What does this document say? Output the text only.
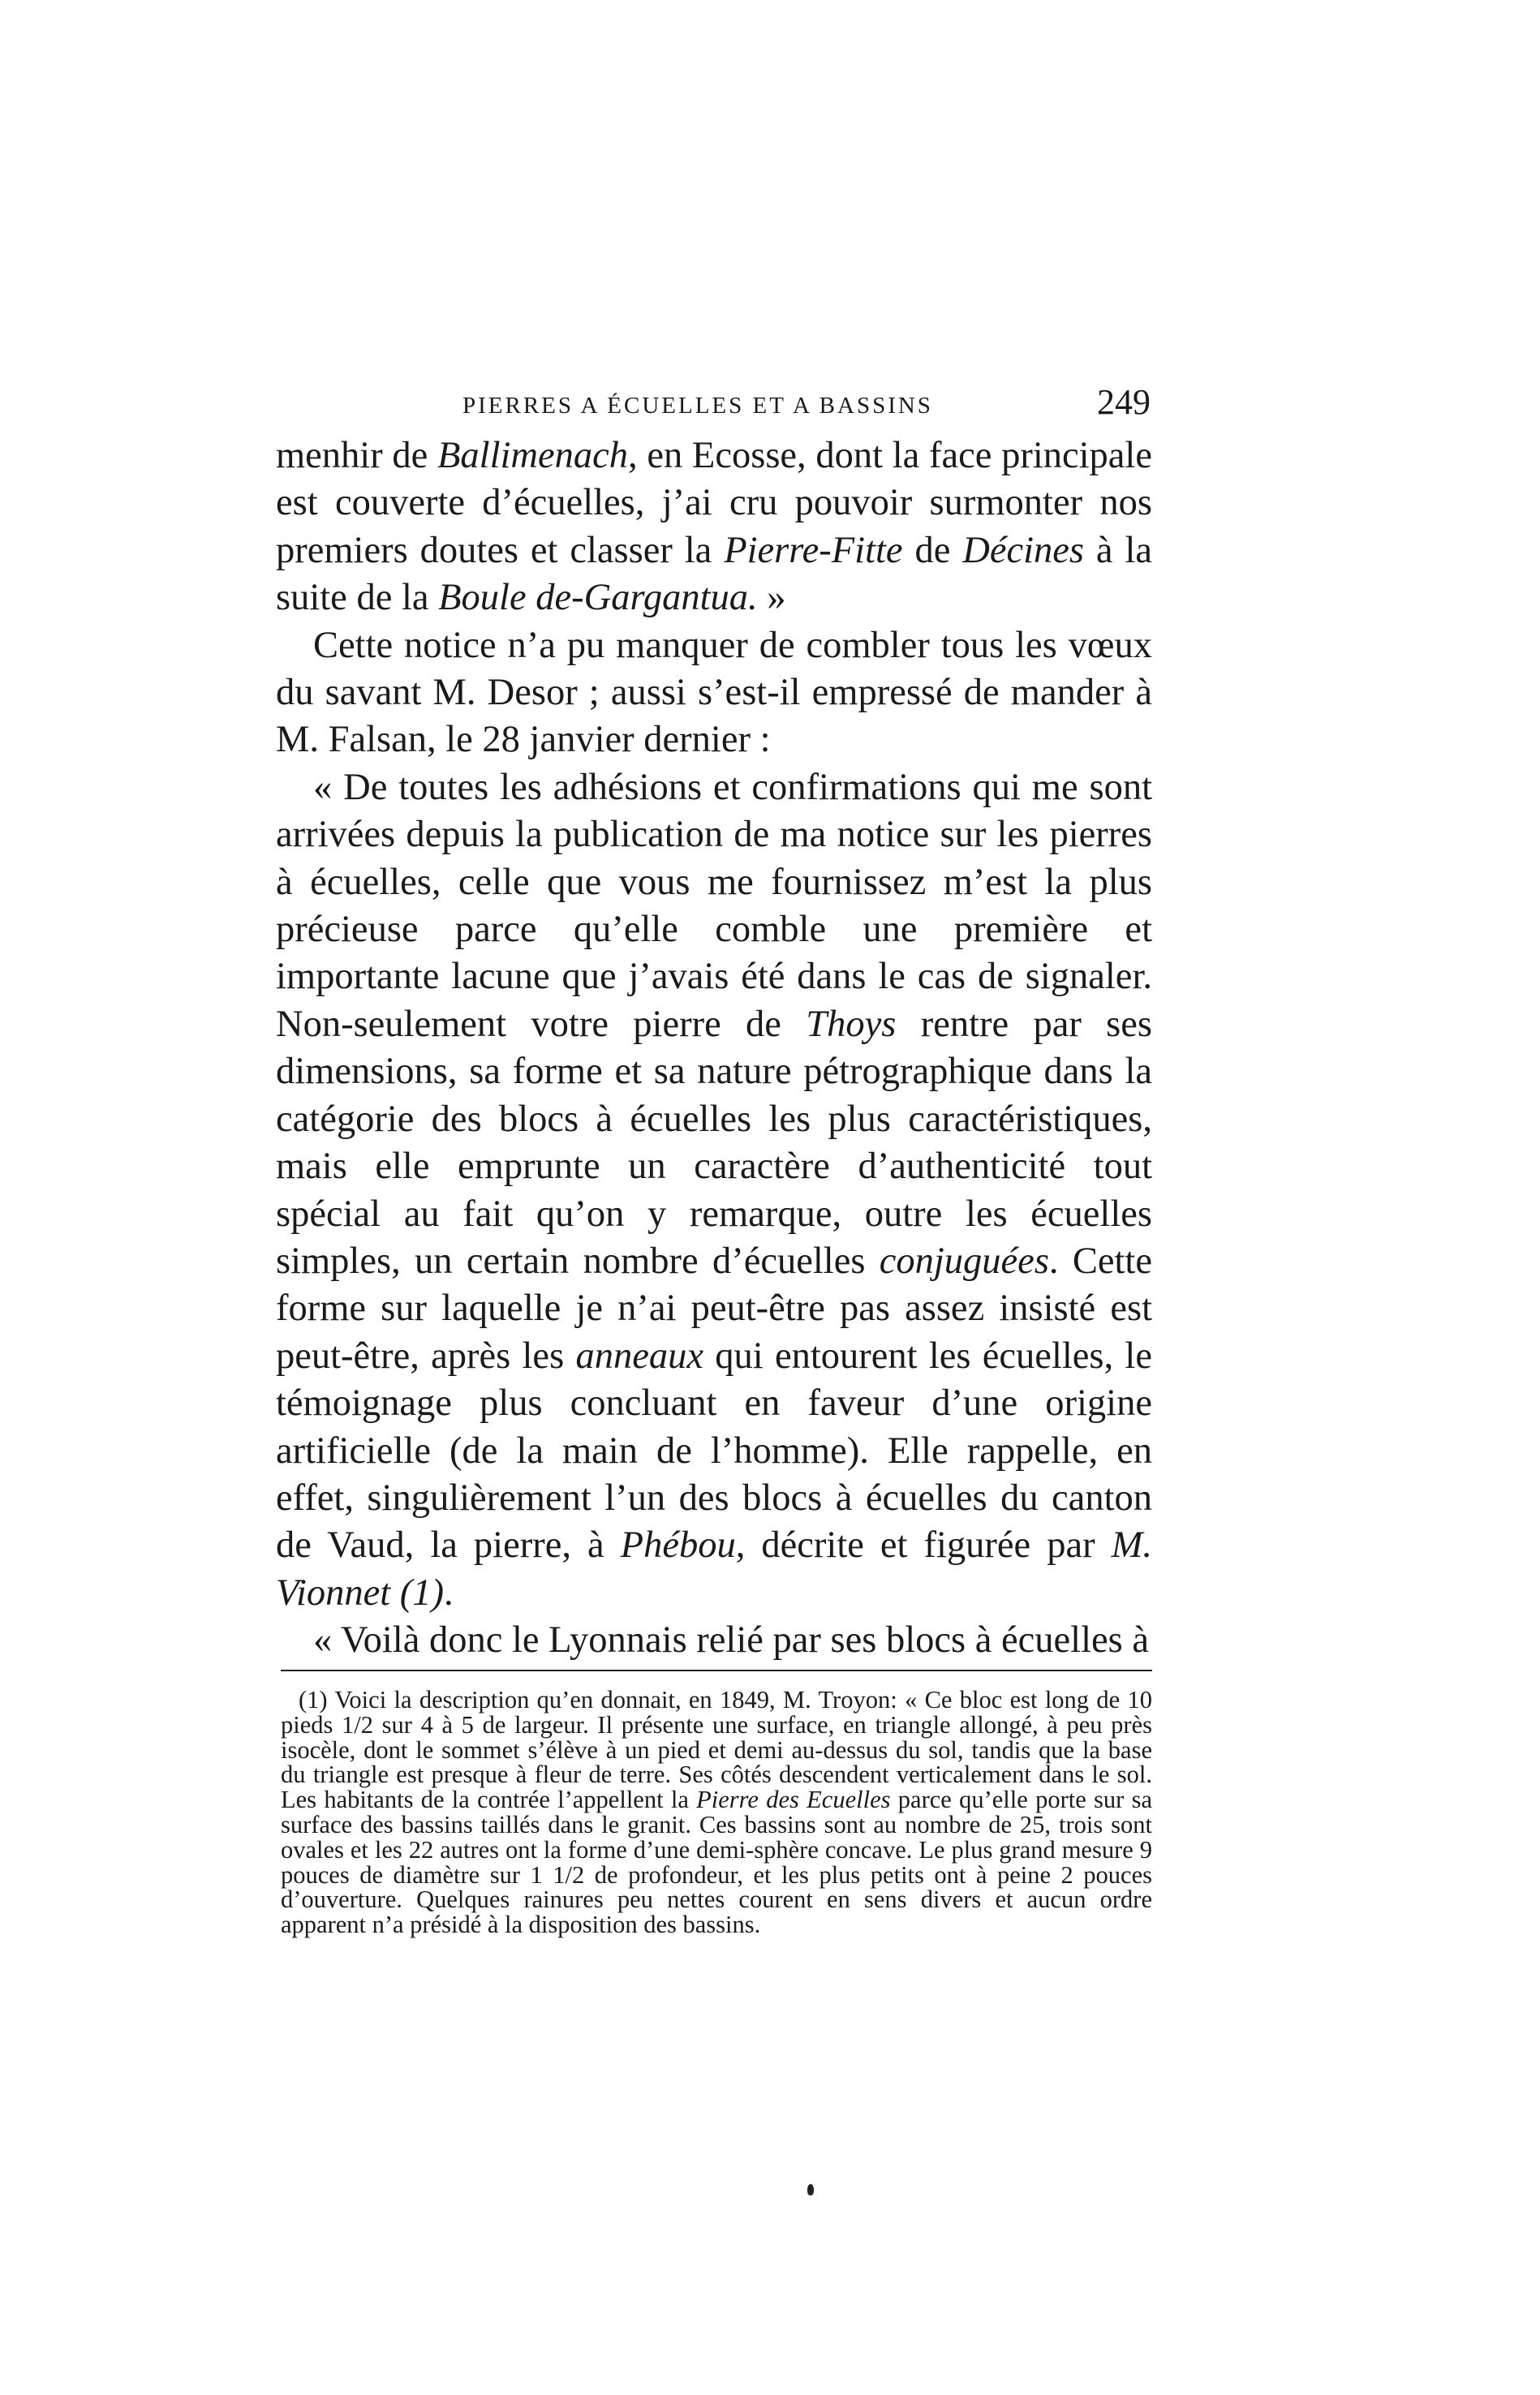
PIERRES A ÉCUELLES ET A BASSINS	249

menhir de Ballimenach, en Ecosse, dont la face principale est couverte d’écuelles, j’ai cru pouvoir surmonter nos premiers doutes et classer la Pierre-Fitte de Décines à la suite de la Boule de-Gargantua. »

Cette notice n’a pu manquer de combler tous les vœux du savant M. Desor ; aussi s’est-il empressé de mander à M. Falsan, le 28 janvier dernier :

« De toutes les adhésions et confirmations qui me sont arrivées depuis la publication de ma notice sur les pierres à écuelles, celle que vous me fournissez m’est la plus précieuse parce qu’elle comble une première et importante lacune que j’avais été dans le cas de signaler. Non-seulement votre pierre de Thoys rentre par ses dimensions, sa forme et sa nature pétrographique dans la catégorie des blocs à écuelles les plus caractéristiques, mais elle emprunte un caractère d’authenticité tout spécial au fait qu’on y remarque, outre les écuelles simples, un certain nombre d’écuelles conjuguées. Cette forme sur laquelle je n’ai peut-être pas assez insisté est peut-être, après les anneaux qui entourent les écuelles, le témoignage plus concluant en faveur d’une origine artificielle (de la main de l’homme). Elle rappelle, en effet, singulièrement l’un des blocs à écuelles du canton de Vaud, la pierre, à Phébou, décrite et figurée par M. Vionnet (1).

« Voilà donc le Lyonnais relié par ses blocs à écuelles à

(1) Voici la description qu’en donnait, en 1849, M. Troyon: « Ce bloc est long de 10 pieds 1/2 sur 4 à 5 de largeur. Il présente une surface, en triangle allongé, à peu près isocèle, dont le sommet s’élève à un pied et demi au-dessus du sol, tandis que la base du triangle est presque à fleur de terre. Ses côtés descendent verticalement dans le sol. Les habitants de la contrée l’appellent la Pierre des Ecuelles parce qu’elle porte sur sa surface des bassins taillés dans le granit. Ces bassins sont au nombre de 25, trois sont ovales et les 22 autres ont la forme d’une demi-sphère concave. Le plus grand mesure 9 pouces de diamètre sur 1 1/2 de profondeur, et les plus petits ont à peine 2 pouces d’ouverture. Quelques rainures peu nettes courent en sens divers et aucun ordre apparent n’a présidé à la disposition des bassins.
